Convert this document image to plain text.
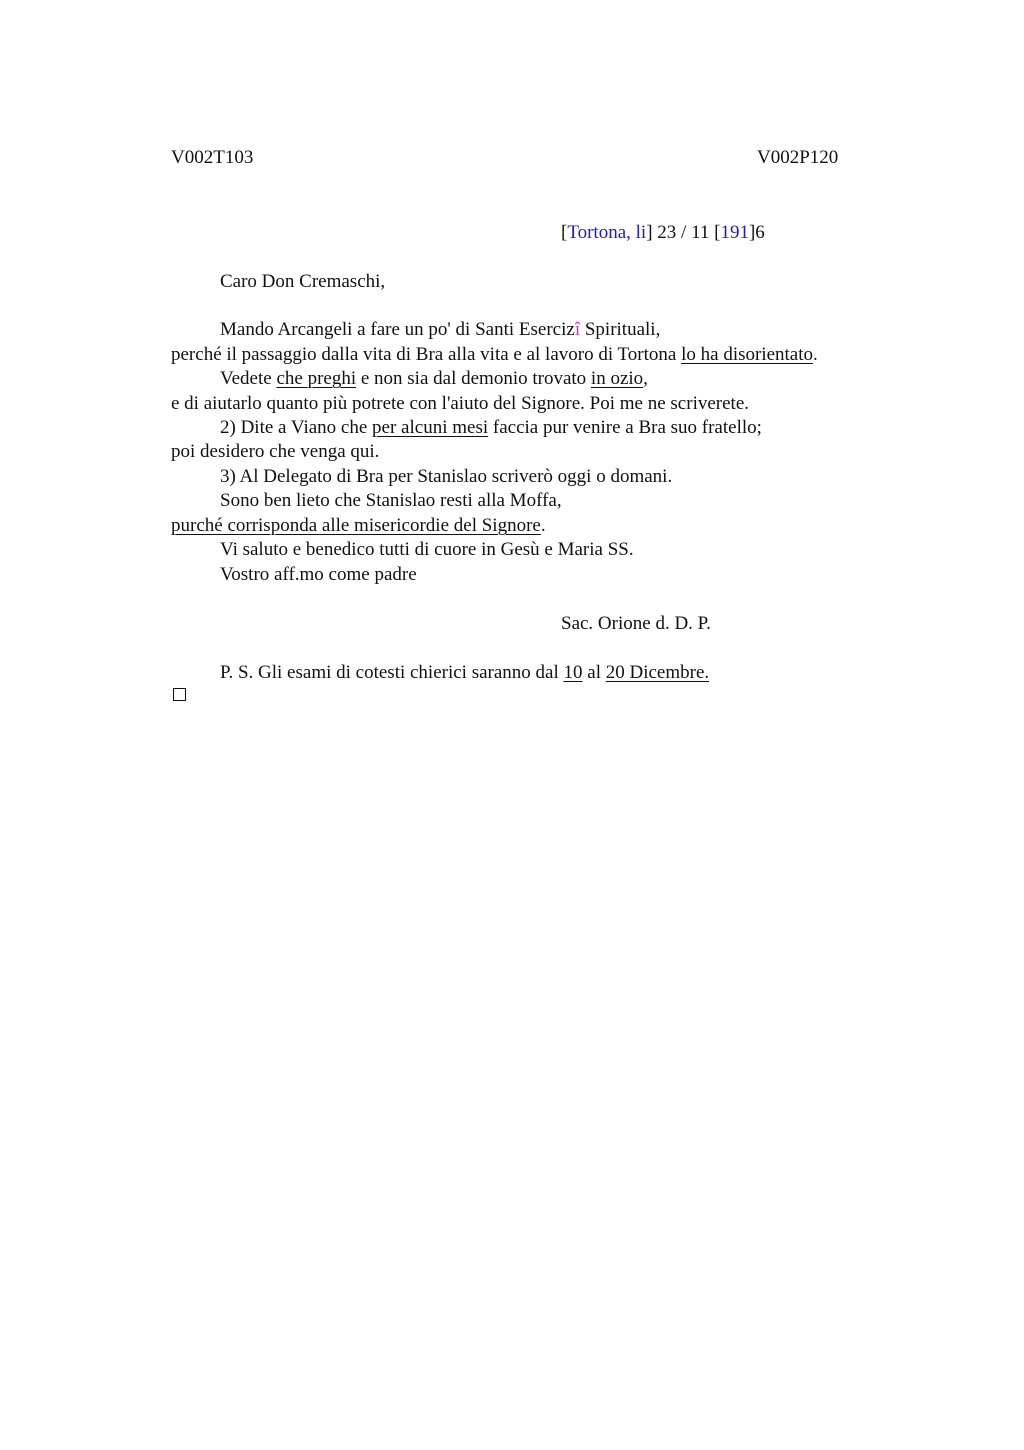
V002T103	V002P120
[Tortona, li] 23 / 11 [191]6
Caro Don Cremaschi,
Mando Arcangeli a fare un po' di Santi Esercizî Spirituali,
perché il passaggio dalla vita di Bra alla vita e al lavoro di Tortona lo ha disorientato.
Vedete che preghi e non sia dal demonio trovato in ozio,
e di aiutarlo quanto più potrete con l'aiuto del Signore. Poi me ne scriverete.
2) Dite a Viano che per alcuni mesi faccia pur venire a Bra suo fratello;
poi desidero che venga qui.
3) Al Delegato di Bra per Stanislao scriverò oggi o domani.
Sono ben lieto che Stanislao resti alla Moffa,
purché corrisponda alle misericordie del Signore.
Vi saluto e benedico tutti di cuore in Gesù e Maria SS.
Vostro aff.mo come padre
Sac. Orione d. D. P.
P. S. Gli esami di cotesti chierici saranno dal 10 al 20 Dicembre.
